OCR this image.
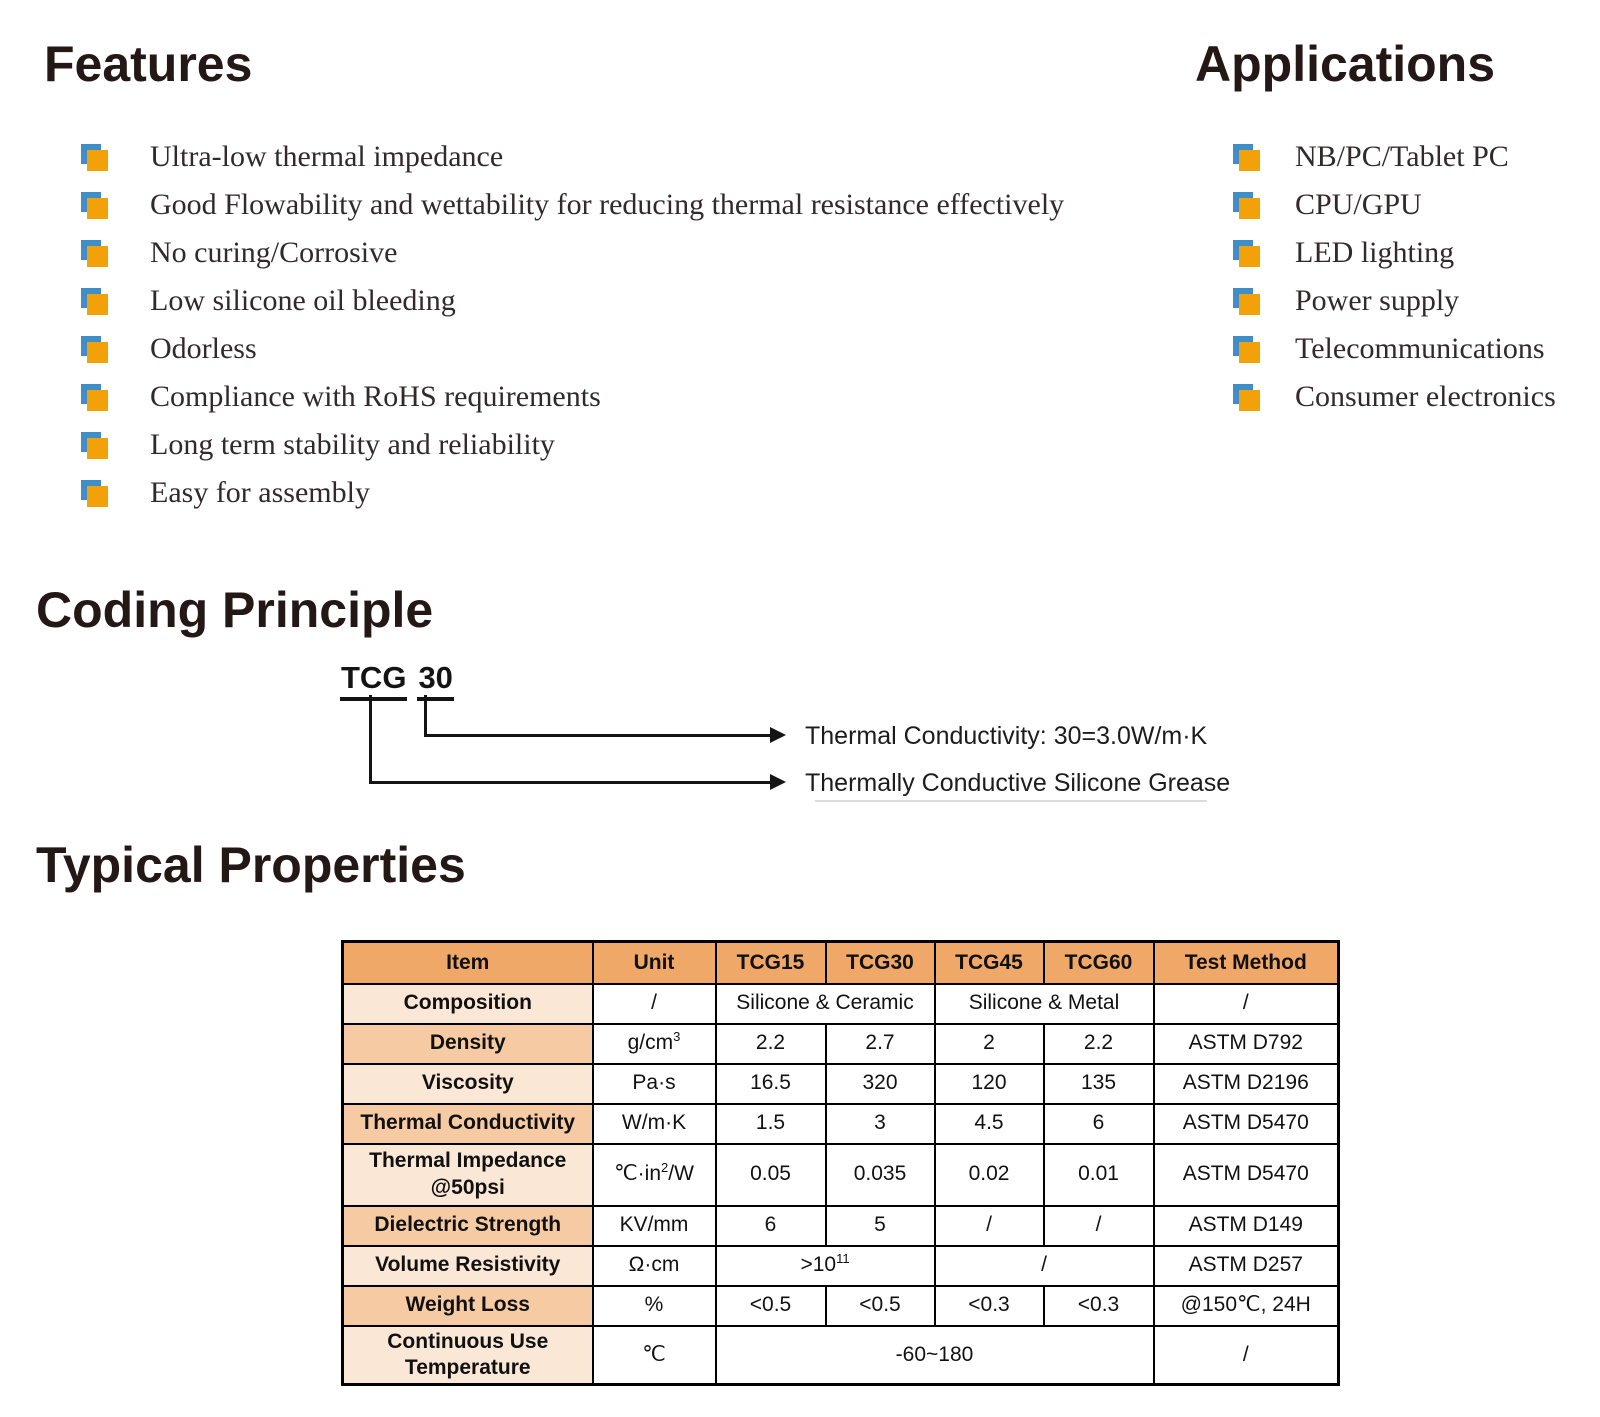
Features
Ultra-low thermal impedance
Good Flowability and wettability for reducing thermal resistance effectively
No curing/Corrosive
Low silicone oil bleeding
Odorless
Compliance with RoHS requirements
Long term stability and reliability
Easy for assembly
Applications
NB/PC/Tablet PC
CPU/GPU
LED lighting
Power supply
Telecommunications
Consumer electronics
Coding Principle
TCG 30
Thermal Conductivity: 30=3.0W/m·K
Thermally Conductive Silicone Grease
Typical Properties
Item	Unit	TCG15	TCG30	TCG45	TCG60	Test Method
Composition	/	Silicone & Ceramic		Silicone & Metal		/
Density	$g/cm^3$	2.2	2.7	2	2.2	ASTM D792
Viscosity	Pa·s	16.5	320	120	135	ASTM D2196
Thermal Conductivity	W/m·K	1.5	3	4.5	6	ASTM D5470
Thermal Impedance @50psi	$℃\cdot in^2/W$	0.05	0.035	0.02	0.01	ASTM D5470
Dielectric Strength	KV/mm	6	5	/	/	ASTM D149
Volume Resistivity	Ω·cm	$>10^{11}$		/		ASTM D257
Weight Loss	%	<0.5	<0.5	<0.3	<0.3	@150℃, 24H
Continuous Use Temperature	℃	-60~180				/
